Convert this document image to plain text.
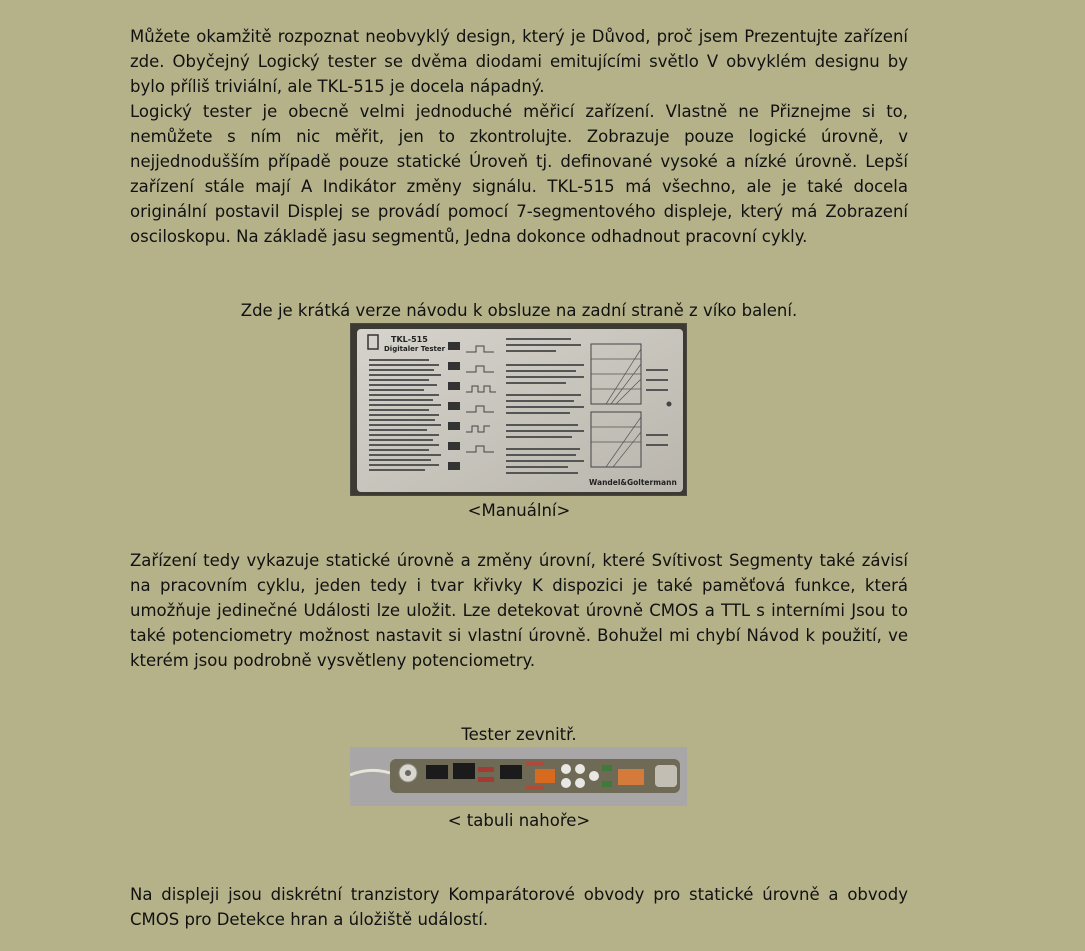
Můžete okamžitě rozpoznat neobvyklý design, který je Důvod, proč jsem Prezentujte zařízení zde. Obyčejný Logický tester se dvěma diodami emitujícími světlo V obvyklém designu by bylo příliš triviální, ale TKL-515 je docela nápadný.

Logický tester je obecně velmi jednoduché měřicí zařízení. Vlastně ne Přiznejme si to, nemůžete s ním nic měřit, jen to zkontrolujte. Zobrazuje pouze logické úrovně, v nejjednodušším případě pouze statické Úroveň tj. definované vysoké a nízké úrovně. Lepší zařízení stále mají A Indikátor změny signálu. TKL-515 má všechno, ale je také docela originální postavil Displej se provádí pomocí 7-segmentového displeje, který má Zobrazení osciloskopu. Na základě jasu segmentů, Jedna dokonce odhadnout pracovní cykly.

Zde je krátká verze návodu k obsluze na zadní straně z víko balení.
<Manuální>

Zařízení tedy vykazuje statické úrovně a změny úrovní, které Svítivost Segmenty také závisí na pracovním cyklu, jeden tedy i tvar křivky K dispozici je také paměťová funkce, která umožňuje jedinečné Události lze uložit. Lze detekovat úrovně CMOS a TTL s interními Jsou to také potenciometry možnost nastavit si vlastní úrovně. Bohužel mi chybí Návod k použití, ve kterém jsou podrobně vysvětleny potenciometry.

Tester zevnitř.
< tabuli nahoře>

Na displeji jsou diskrétní tranzistory Komparátorové obvody pro statické úrovně a obvody CMOS pro Detekce hran a úložiště událostí.

TKL-515
Digitaler Tester
Wandel&Goltermann
